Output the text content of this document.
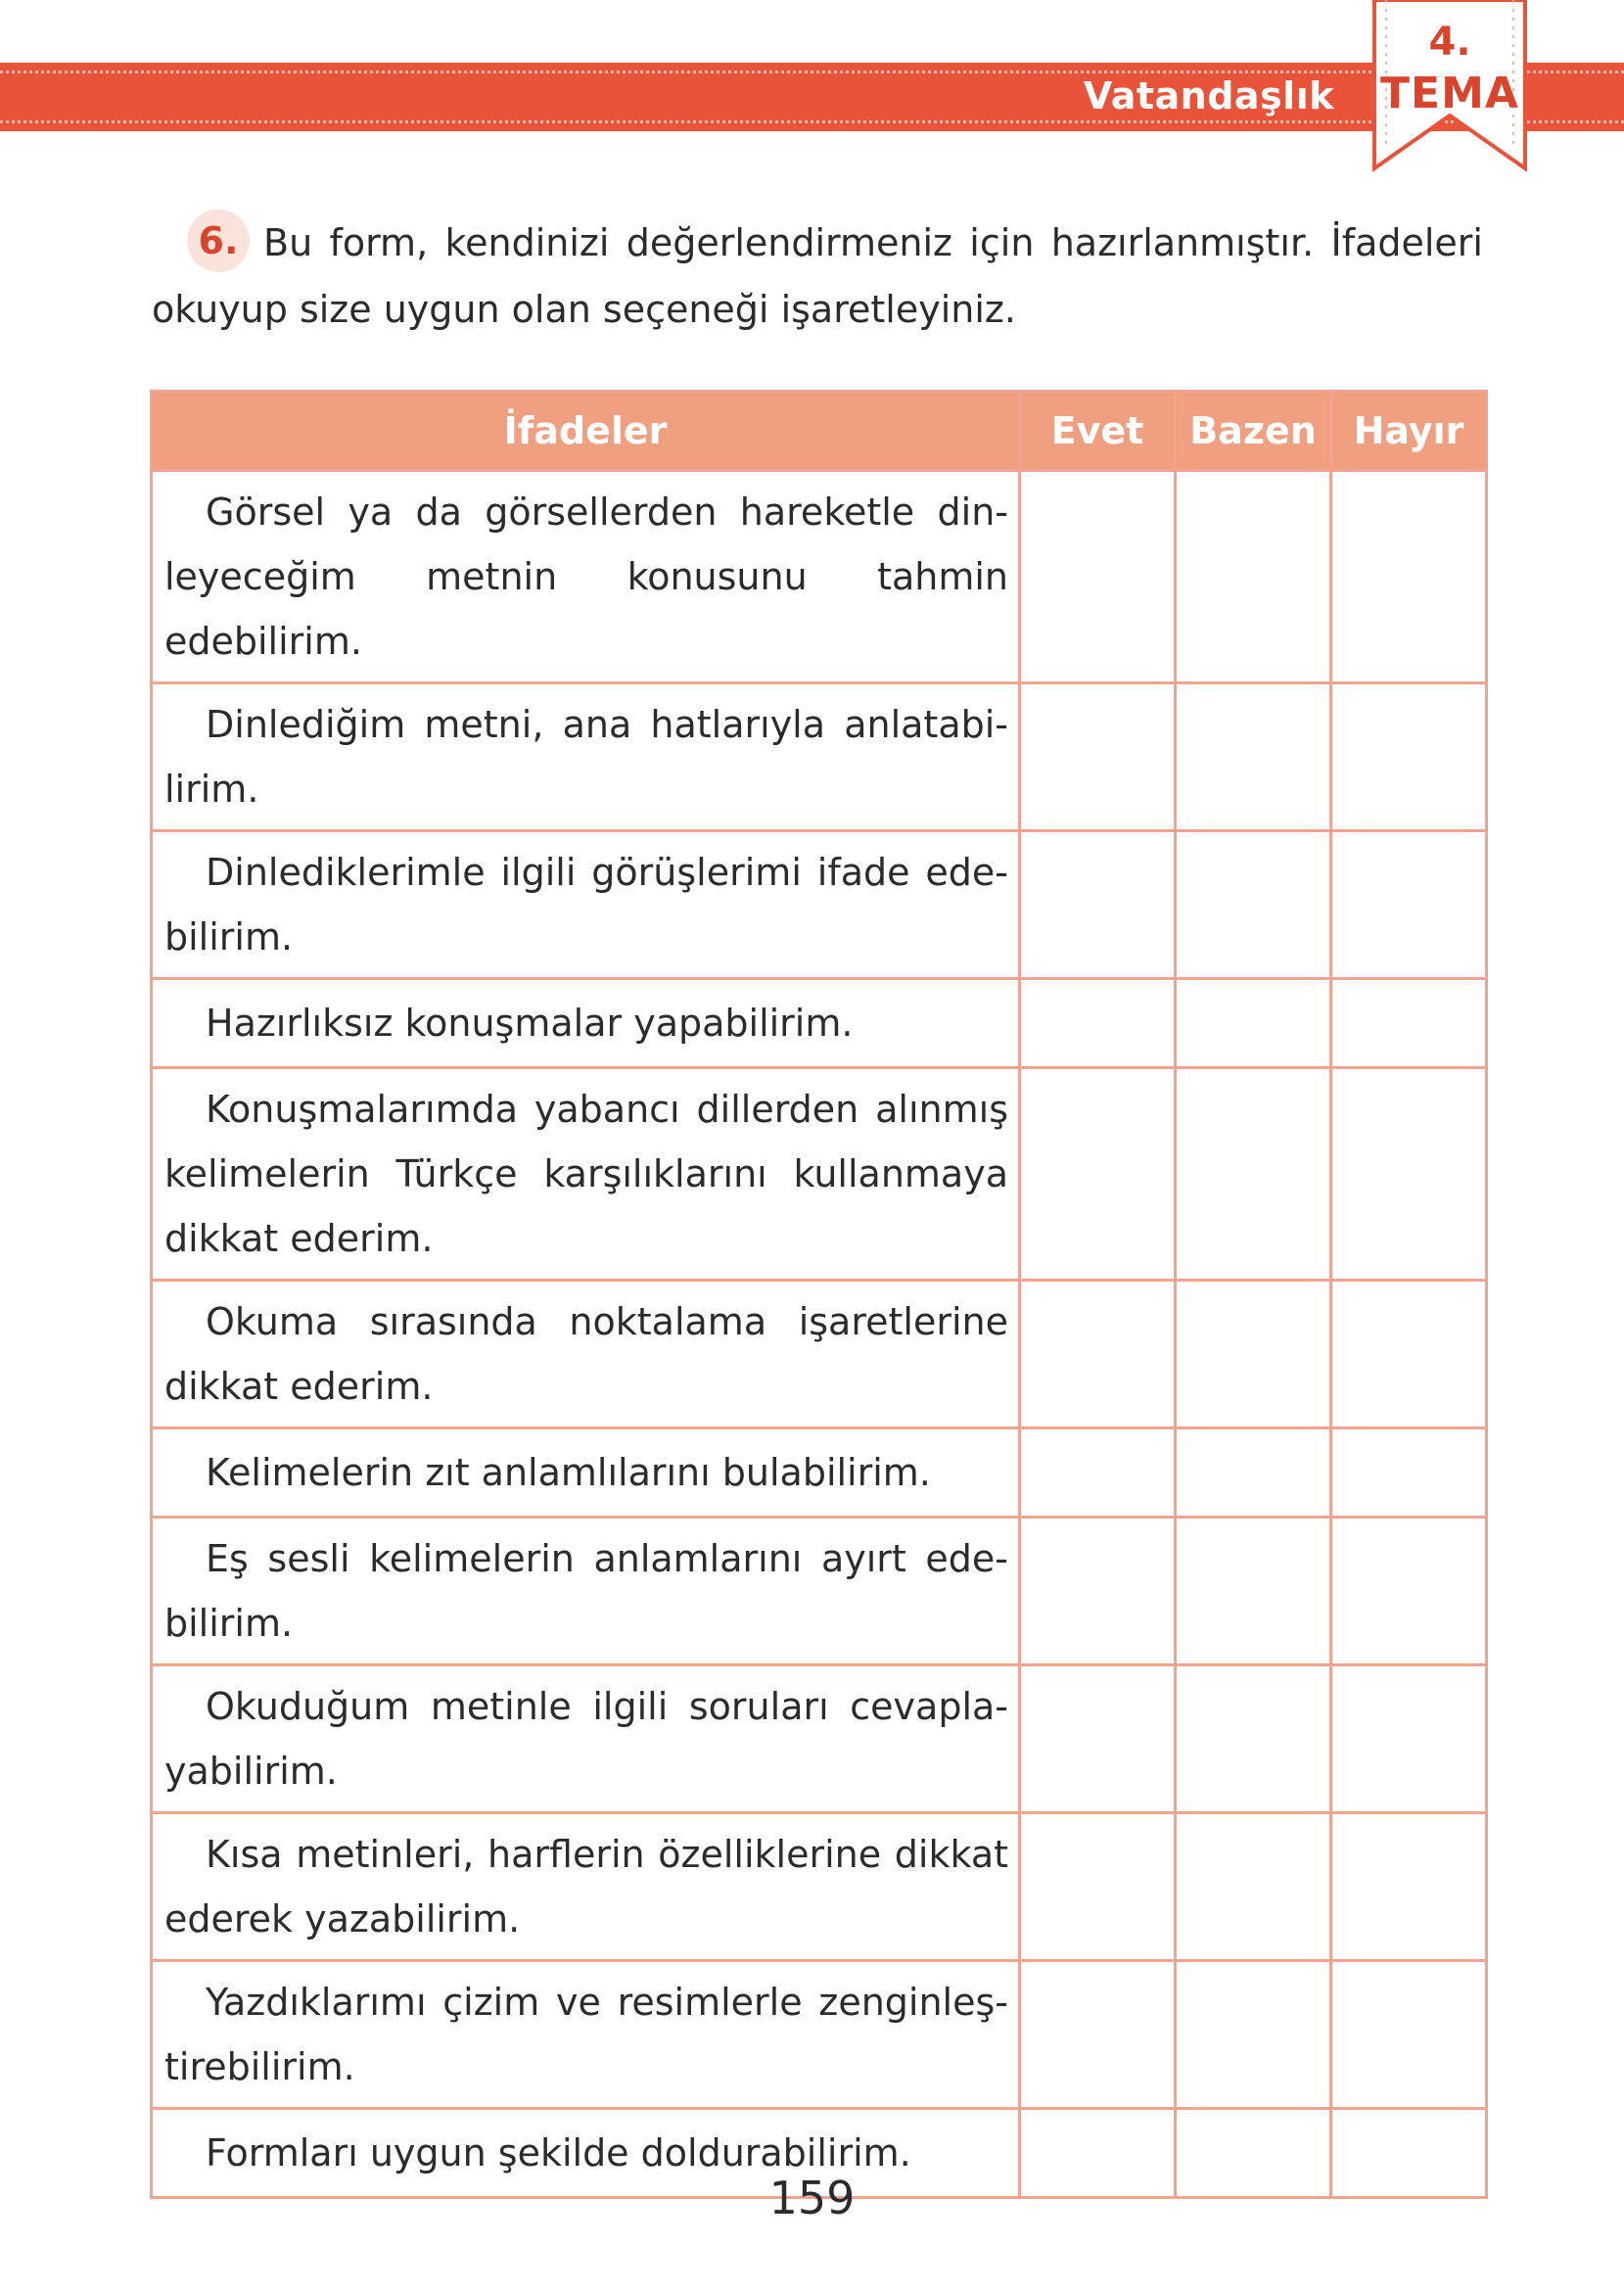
Vatandaşlık
4.
TEMA
6. Bu form, kendinizi değerlendirmeniz için hazırlanmıştır. İfadeleri okuyup size uygun olan seçeneği işaretleyiniz.
İfadeler	Evet	Bazen	Hayır
Görsel ya da görsellerden hareketle din-leyeceğim metnin konusunu tahmin edebilirim.			
Dinlediğim metni, ana hatlarıyla anlatabi-lirim.			
Dinlediklerimle ilgili görüşlerimi ifade ede-bilirim.			
Hazırlıksız konuşmalar yapabilirim.			
Konuşmalarımda yabancı dillerden alınmış kelimelerin Türkçe karşılıklarını kullanmaya dikkat ederim.			
Okuma sırasında noktalama işaretlerine dikkat ederim.			
Kelimelerin zıt anlamlılarını bulabilirim.			
Eş sesli kelimelerin anlamlarını ayırt ede-bilirim.			
Okuduğum metinle ilgili soruları cevapla-yabilirim.			
Kısa metinleri, harflerin özelliklerine dikkat ederek yazabilirim.			
Yazdıklarımı çizim ve resimlerle zenginleş-tirebilirim.			
Formları uygun şekilde doldurabilirim.			
159
